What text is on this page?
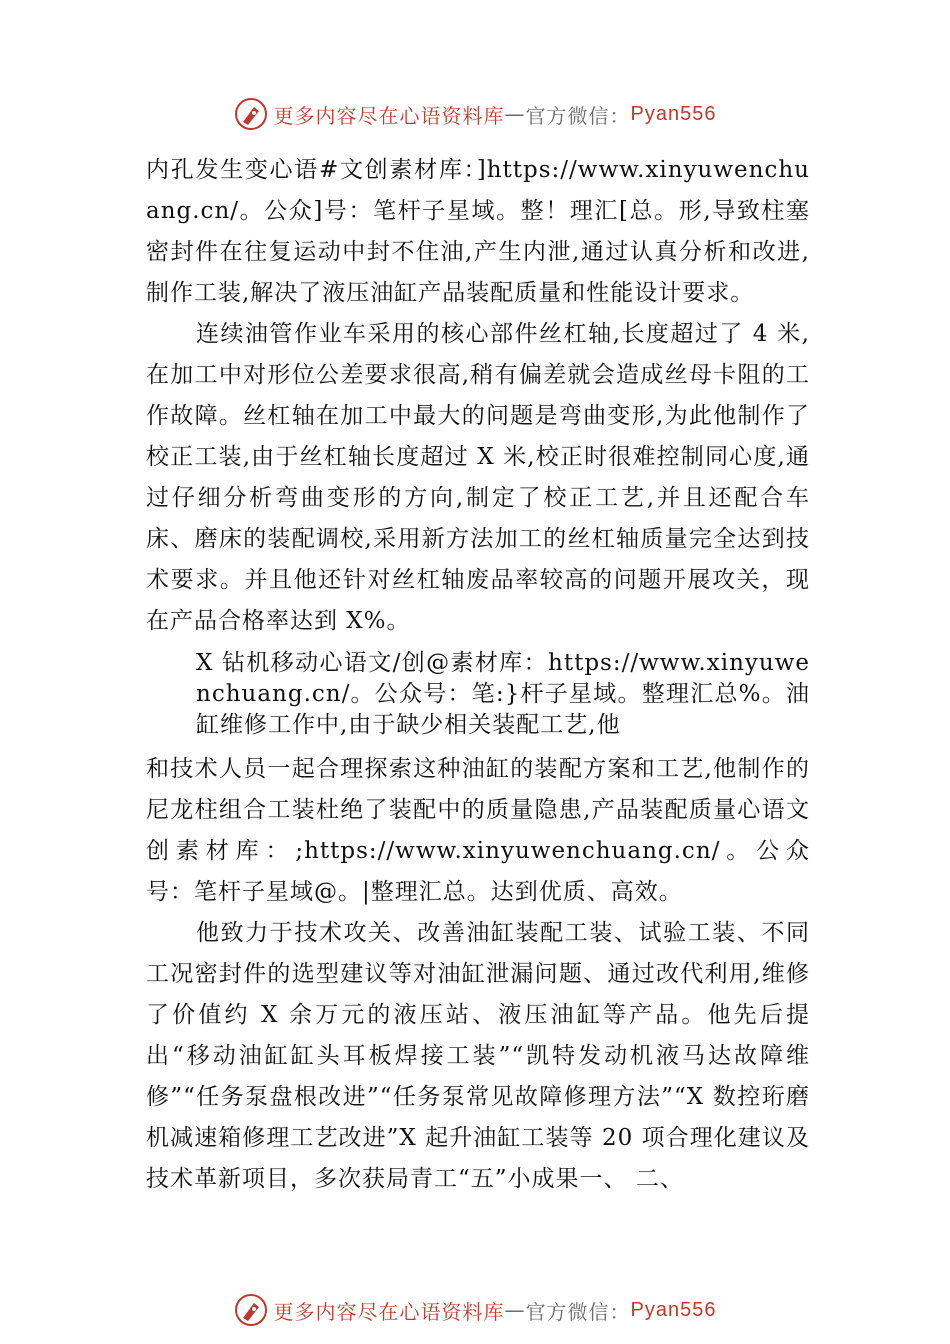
更多内容尽在心语资料库 — 官方微信： Pyan556

内孔发生变心语#文创素材库：]https://www.xinyuwenchuang.cn/。公众]号：笔杆子星域。整！理汇[总。形,导致柱塞密封件在往复运动中封不住油,产生内泄,通过认真分析和改进,制作工装,解决了液压油缸产品装配质量和性能设计要求。

连续油管作业车采用的核心部件丝杠轴,长度超过了 4 米,在加工中对形位公差要求很高,稍有偏差就会造成丝母卡阻的工作故障。丝杠轴在加工中最大的问题是弯曲变形,为此他制作了校正工装,由于丝杠轴长度超过 X 米,校正时很难控制同心度,通过仔细分析弯曲变形的方向,制定了校正工艺,并且还配合车床、磨床的装配调校,采用新方法加工的丝杠轴质量完全达到技术要求。并且他还针对丝杠轴废品率较高的问题开展攻关，现在产品合格率达到 X%。

X 钻机移动心语文/创@素材库：https://www.xinyuwenchuang.cn/。公众号：笔:}杆子星域。整理汇总%。油缸维修工作中,由于缺少相关装配工艺,他

和技术人员一起合理探索这种油缸的装配方案和工艺,他制作的尼龙柱组合工装杜绝了装配中的质量隐患,产品装配质量心语文创素材库：;https://www.xinyuwenchuang.cn/。公众号：笔杆子星域@。|整理汇总。达到优质、高效。

他致力于技术攻关、改善油缸装配工装、试验工装、不同工况密封件的选型建议等对油缸泄漏问题、通过改代利用,维修了价值约 X 余万元的液压站、液压油缸等产品。他先后提出“移动油缸缸头耳板焊接工装”“凯特发动机液马达故障维修”“任务泵盘根改进”“任务泵常见故障修理方法”“X 数控珩磨机减速箱修理工艺改进”X 起升油缸工装等 20 项合理化建议及技术革新项目，多次获局青工“五”小成果一、 二、

更多内容尽在心语资料库 — 官方微信： Pyan556
